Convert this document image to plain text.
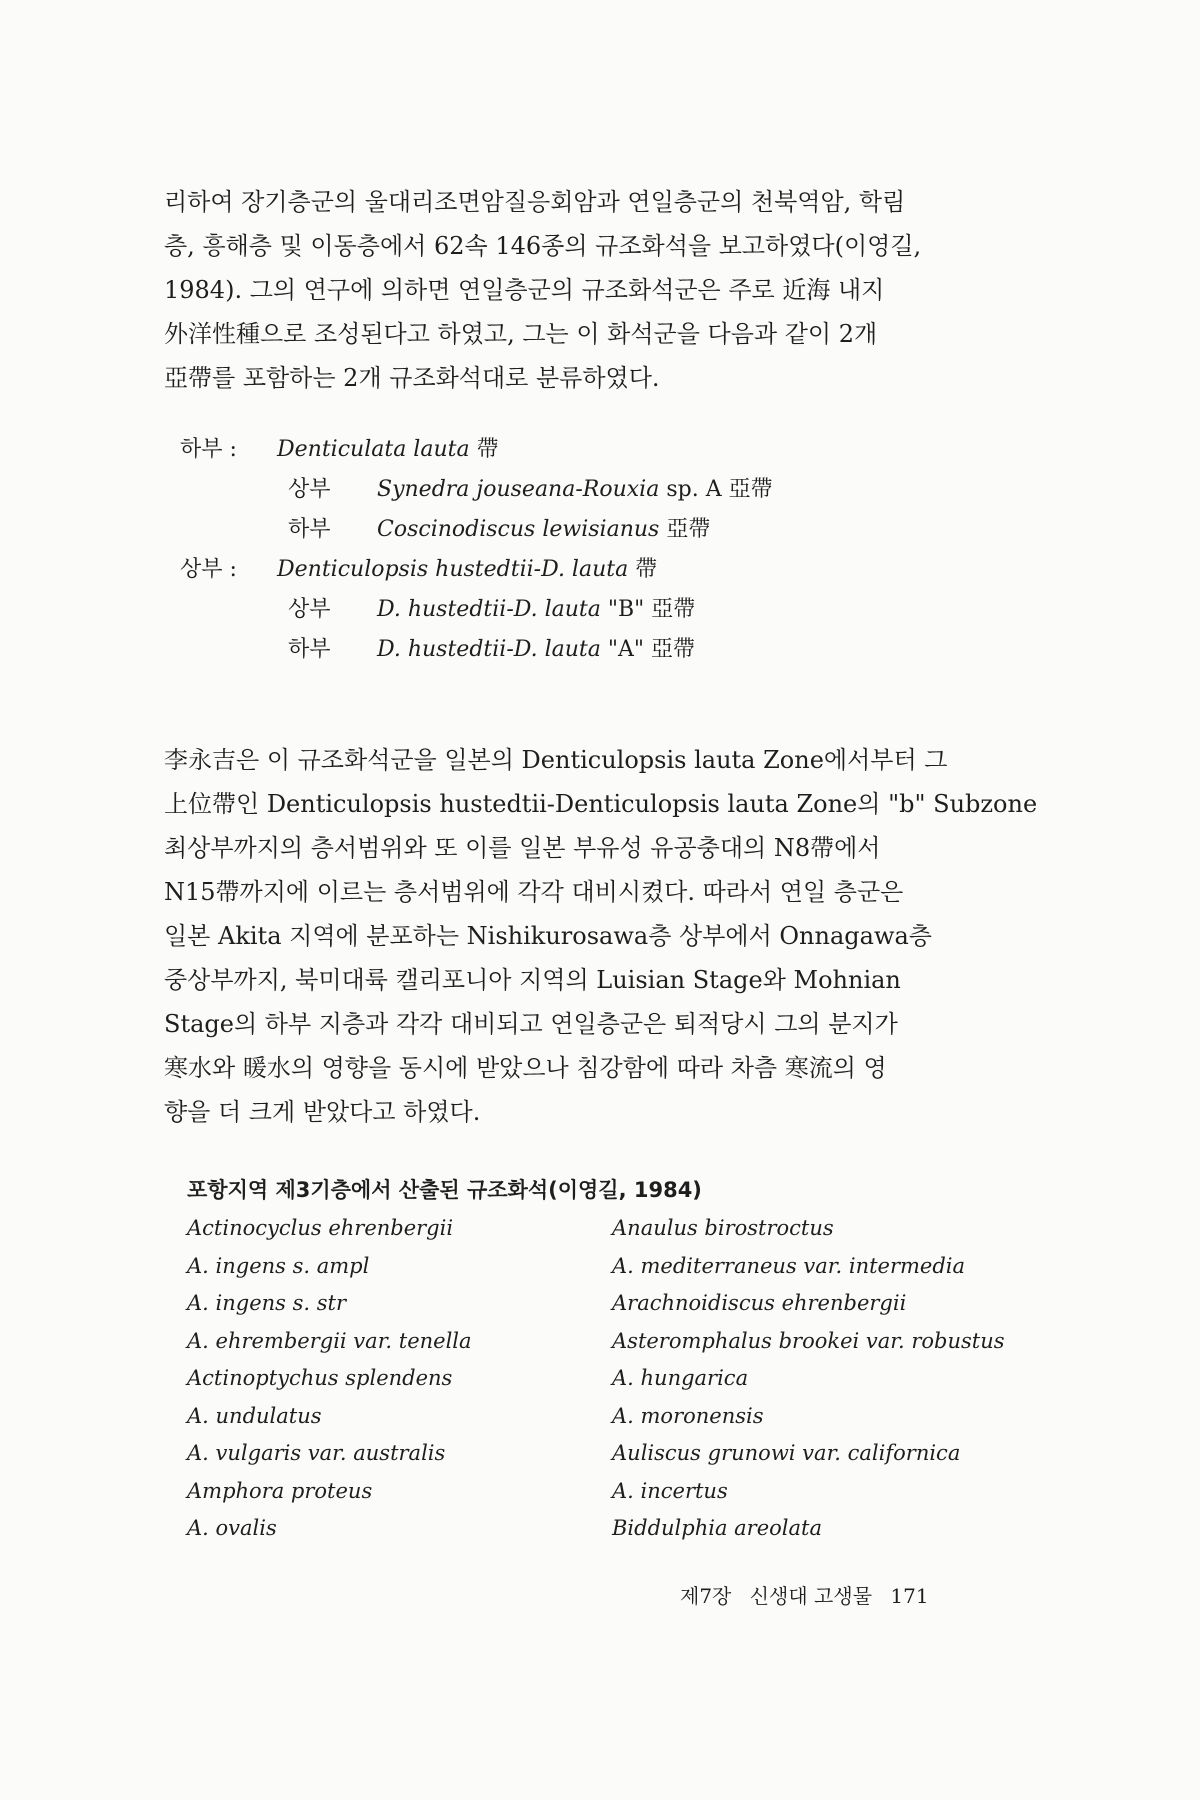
리하여 장기층군의 울대리조면암질응회암과 연일층군의 천북역암, 학림
층, 흥해층 및 이동층에서 62속 146종의 규조화석을 보고하였다(이영길,
1984). 그의 연구에 의하면 연일층군의 규조화석군은 주로 近海 내지
外洋性種으로 조성된다고 하였고, 그는 이 화석군을 다음과 같이 2개
亞帶를 포함하는 2개 규조화석대로 분류하였다.
하부 : Denticulata lauta 帶
상부 Synedra jouseana-Rouxia sp. A 亞帶
하부 Coscinodiscus lewisianus 亞帶
상부 : Denticulopsis hustedtii-D. lauta 帶
상부 D. hustedtii-D. lauta "B" 亞帶
하부 D. hustedtii-D. lauta "A" 亞帶
李永吉은 이 규조화석군을 일본의 Denticulopsis lauta Zone에서부터 그
上位帶인 Denticulopsis hustedtii-Denticulopsis lauta Zone의 "b" Subzone
최상부까지의 층서범위와 또 이를 일본 부유성 유공충대의 N8帶에서
N15帶까지에 이르는 층서범위에 각각 대비시켰다. 따라서 연일 층군은
일본 Akita 지역에 분포하는 Nishikurosawa층 상부에서 Onnagawa층
중상부까지, 북미대륙 캘리포니아 지역의 Luisian Stage와 Mohnian
Stage의 하부 지층과 각각 대비되고 연일층군은 퇴적당시 그의 분지가
寒水와 暖水의 영향을 동시에 받았으나 침강함에 따라 차츰 寒流의 영
향을 더 크게 받았다고 하였다.
포항지역 제3기층에서 산출된 규조화석(이영길, 1984)
Actinocyclus ehrenbergii
A. ingens s. ampl
A. ingens s. str
A. ehrembergii var. tenella
Actinoptychus splendens
A. undulatus
A. vulgaris var. australis
Amphora proteus
A. ovalis
Anaulus birostroctus
A. mediterraneus var. intermedia
Arachnoidiscus ehrenbergii
Asteromphalus brookei var. robustus
A. hungarica
A. moronensis
Auliscus grunowi var. californica
A. incertus
Biddulphia areolata
제7장 신생대 고생물 171
